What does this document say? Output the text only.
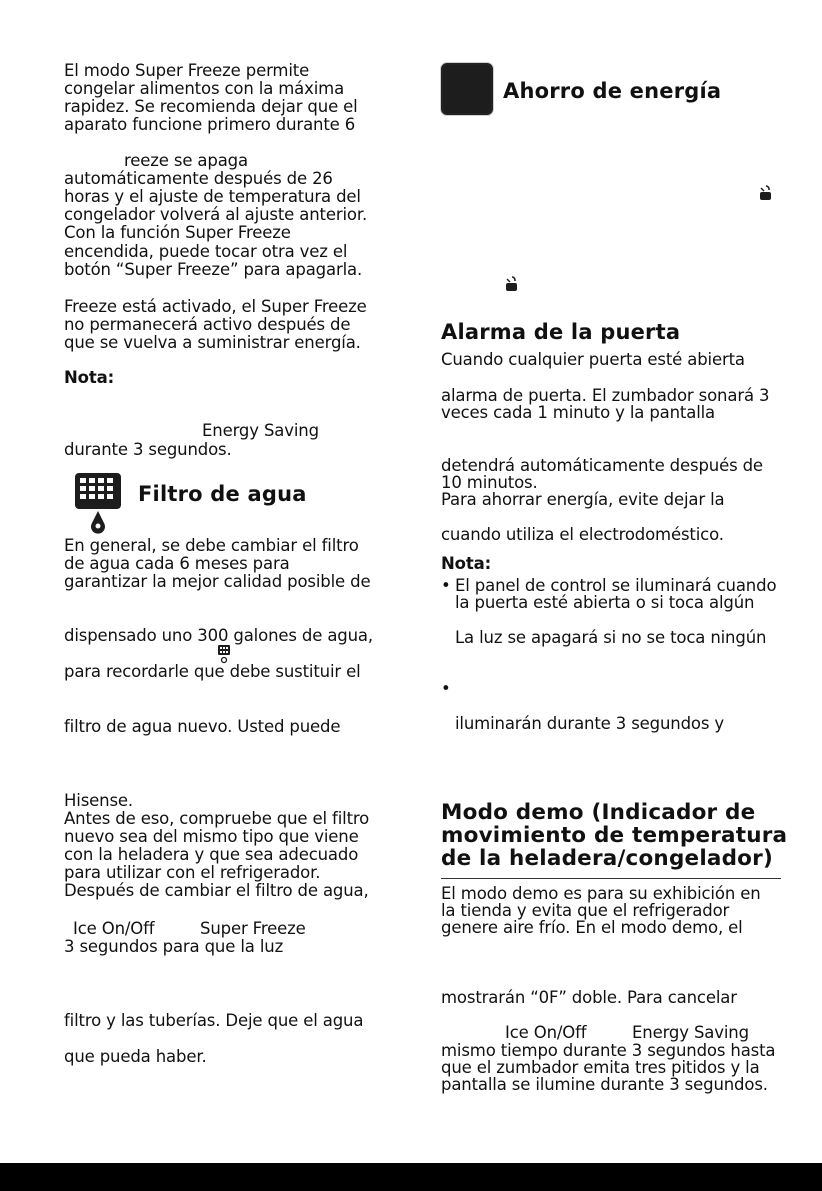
El modo Super Freeze permite
congelar alimentos con la máxima
rapidez. Se recomienda dejar que el
aparato funcione primero durante 6
reeze se apaga
automáticamente después de 26
horas y el ajuste de temperatura del
congelador volverá al ajuste anterior.
Con la función Super Freeze
encendida, puede tocar otra vez el
botón “Super Freeze” para apagarla.
Freeze está activado, el Super Freeze
no permanecerá activo después de
que se vuelva a suministrar energía.
Nota:
Energy Saving
durante 3 segundos.
Filtro de agua
En general, se debe cambiar el filtro
de agua cada 6 meses para
garantizar la mejor calidad posible de
dispensado uno 300 galones de agua,
para recordarle que debe sustituir el
filtro de agua nuevo. Usted puede
Hisense.
Antes de eso, compruebe que el filtro
nuevo sea del mismo tipo que viene
con la heladera y que sea adecuado
para utilizar con el refrigerador.
Después de cambiar el filtro de agua,
Ice On/Off	Super Freeze
3 segundos para que la luz
filtro y las tuberías. Deje que el agua
que pueda haber.
Ahorro de energía
Alarma de la puerta
Cuando cualquier puerta esté abierta
alarma de puerta. El zumbador sonará 3
veces cada 1 minuto y la pantalla
detendrá automáticamente después de
10 minutos.
Para ahorrar energía, evite dejar la
cuando utiliza el electrodoméstico.
Nota:
• El panel de control se iluminará cuando
la puerta esté abierta o si toca algún
La luz se apagará si no se toca ningún
•
iluminarán durante 3 segundos y
Modo demo (Indicador de
movimiento de temperatura
de la heladera/congelador)
El modo demo es para su exhibición en
la tienda y evita que el refrigerador
genere aire frío. En el modo demo, el
mostrarán “0F” doble. Para cancelar
Ice On/Off	Energy Saving
mismo tiempo durante 3 segundos hasta
que el zumbador emita tres pitidos y la
pantalla se ilumine durante 3 segundos.
